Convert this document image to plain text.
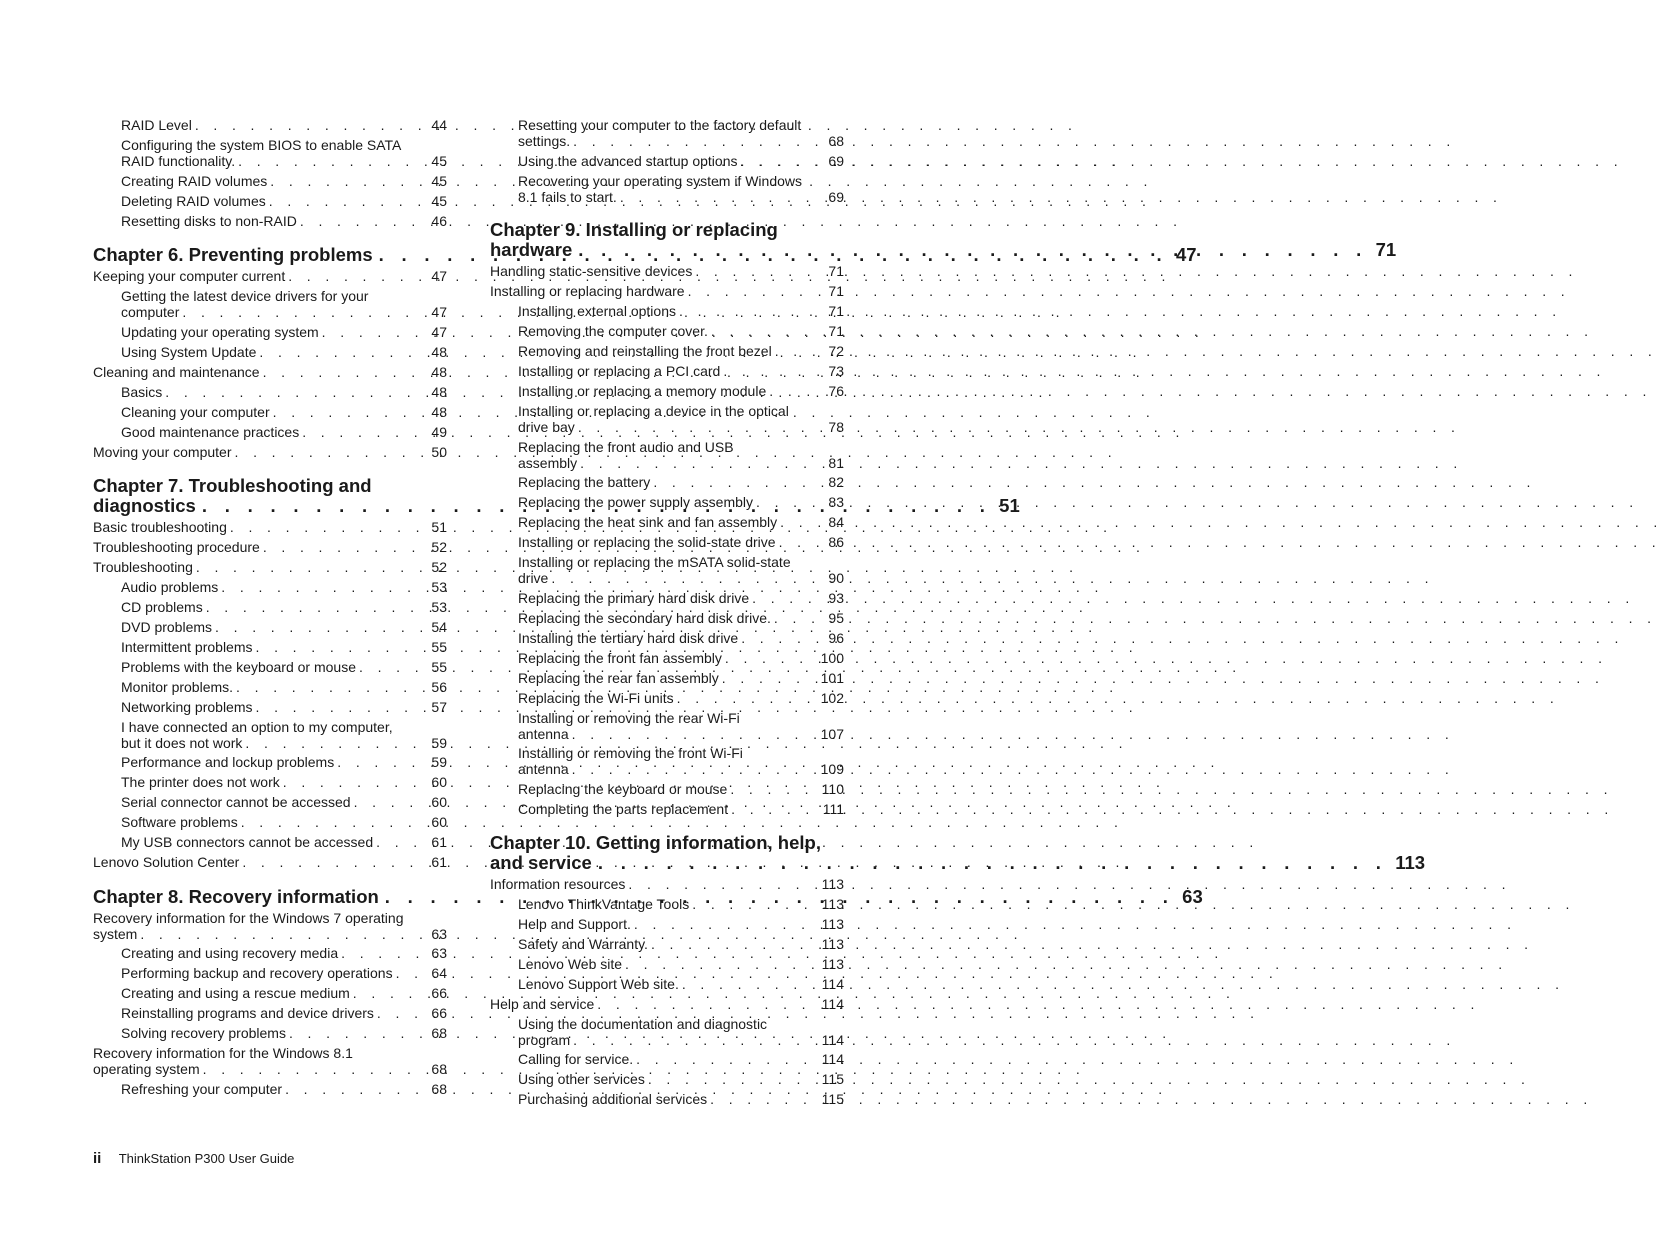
RAID Level . . .	44
Configuring the system BIOS to enable SATA
RAID functionality. . . .	45
Creating RAID volumes . . .	45
Deleting RAID volumes . . .	45
Resetting disks to non-RAID . . .	46
Chapter 6. Preventing problems . . .	47
Keeping your computer current . . .	47
Getting the latest device drivers for your
computer . . .	47
Updating your operating system . . .	47
Using System Update . . .	48
Cleaning and maintenance . . .	48
Basics . . .	48
Cleaning your computer . . .	48
Good maintenance practices . . .	49
Moving your computer . . .	50
Chapter 7. Troubleshooting and
diagnostics . . .	51
Basic troubleshooting . . .	51
Troubleshooting procedure . . .	52
Troubleshooting . . .	52
Audio problems . . .	53
CD problems . . .	53
DVD problems . . .	54
Intermittent problems . . .	55
Problems with the keyboard or mouse . . .	55
Monitor problems. . . .	56
Networking problems . . .	57
I have connected an option to my computer,
but it does not work . . .	59
Performance and lockup problems . . .	59
The printer does not work . . .	60
Serial connector cannot be accessed . . .	60
Software problems . . .	60
My USB connectors cannot be accessed . . .	61
Lenovo Solution Center . . .	61
Chapter 8. Recovery information . . .	63
Recovery information for the Windows 7 operating
system . . .	63
Creating and using recovery media . . .	63
Performing backup and recovery operations . . .	64
Creating and using a rescue medium . . .	66
Reinstalling programs and device drivers . . .	66
Solving recovery problems . . .	68
Recovery information for the Windows 8.1
operating system . . .	68
Refreshing your computer . . .	68
Resetting your computer to the factory default
settings. . . .	68
Using the advanced startup options . . .	69
Recovering your operating system if Windows
8.1 fails to start. . . .	69
Chapter 9. Installing or replacing
hardware . . .	71
Handling static-sensitive devices . . .	71
Installing or replacing hardware . . .	71
Installing external options . . .	71
Removing the computer cover. . . .	71
Removing and reinstalling the front bezel . . .	72
Installing or replacing a PCI card . . .	73
Installing or replacing a memory module . . .	76
Installing or replacing a device in the optical
drive bay . . .	78
Replacing the front audio and USB
assembly . . .	81
Replacing the battery . . .	82
Replacing the power supply assembly . . .	83
Replacing the heat sink and fan assembly . . .	84
Installing or replacing the solid-state drive . . .	86
Installing or replacing the mSATA solid-state
drive . . .	90
Replacing the primary hard disk drive . . .	93
Replacing the secondary hard disk drive. . . .	95
Installing the tertiary hard disk drive . . .	96
Replacing the front fan assembly . . .	100
Replacing the rear fan assembly . . .	101
Replacing the Wi-Fi units . . .	102
Installing or removing the rear Wi-Fi
antenna . . .	107
Installing or removing the front Wi-Fi
antenna . . .	109
Replacing the keyboard or mouse . . .	110
Completing the parts replacement . . .	111
Chapter 10. Getting information, help,
and service . . .	113
Information resources . . .	113
Lenovo ThinkVantage Tools . . .	113
Help and Support. . . .	113
Safety and Warranty. . . .	113
Lenovo Web site . . .	113
Lenovo Support Web site. . . .	114
Help and service . . .	114
Using the documentation and diagnostic
program . . .	114
Calling for service. . . .	114
Using other services . . .	115
Purchasing additional services . . .	115
ii ThinkStation P300 User Guide
